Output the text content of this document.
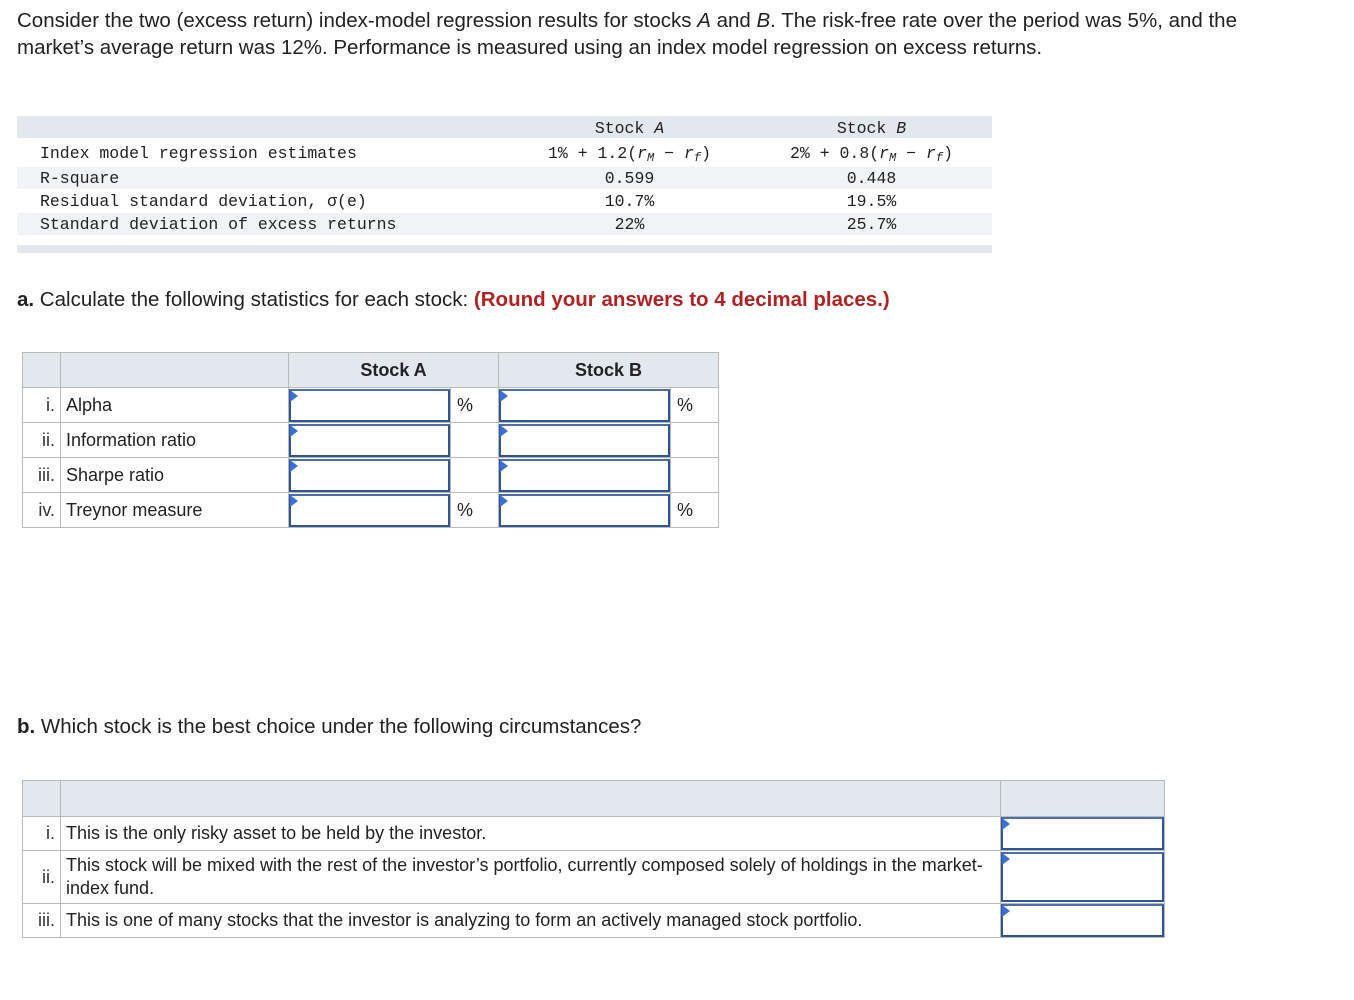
Consider the two (excess return) index-model regression results for stocks A and B. The risk-free rate over the period was 5%, and the market’s average return was 12%. Performance is measured using an index model regression on excess returns.
Stock A	Stock B
Index model regression estimates	$1\% + 1.2(r_M - r_f)$	$2\% + 0.8(r_M - r_f)$
R-square	0.599	0.448
Residual standard deviation, σ(e)	10.7%	19.5%
Standard deviation of excess returns	22%	25.7%
a. Calculate the following statistics for each stock: (Round your answers to 4 decimal places.)
		Stock A		Stock B	
i.	Alpha		%		%
ii.	Information ratio	

iii.	Sharpe ratio	

iv.	Treynor measure		%		%
b. Which stock is the best choice under the following circumstances?

i.	This is the only risky asset to be held by the investor.	

ii.	This stock will be mixed with the rest of the investor’s portfolio, currently composed solely of holdings in the market-index fund.	

iii.	This is one of many stocks that the investor is analyzing to form an actively managed stock portfolio.	
